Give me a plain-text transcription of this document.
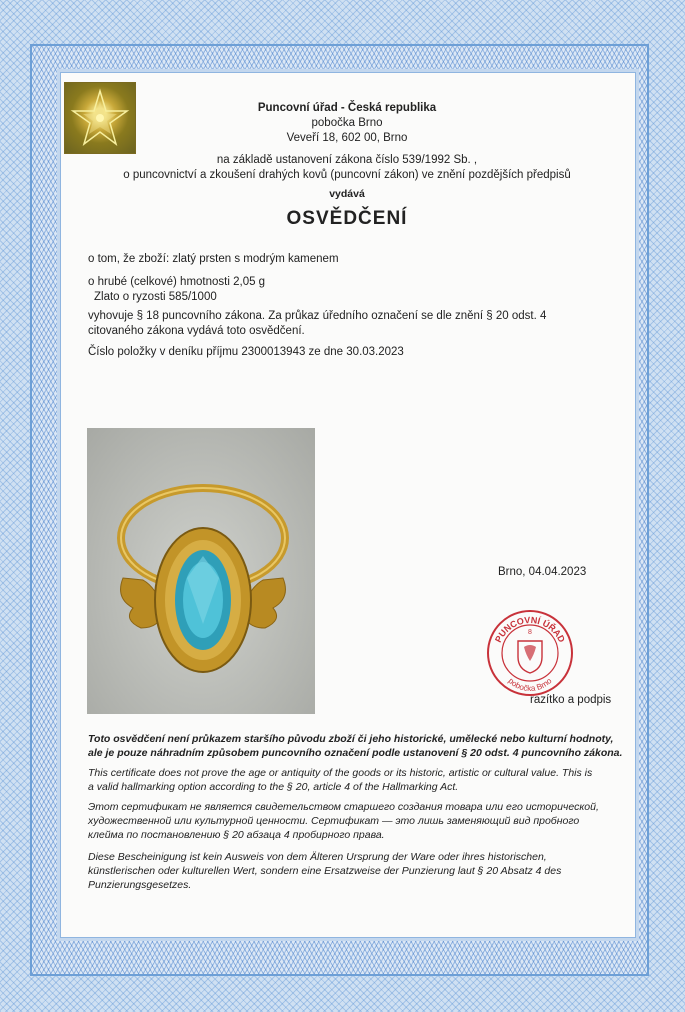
Puncovní úřad - Česká republika
pobočka Brno
Veveří 18, 602 00, Brno
na základě ustanovení zákona číslo 539/1992 Sb. ,
o puncovnictví a zkoušení drahých kovů (puncovní zákon) ve znění pozdějších předpisů
vydává
OSVĚDČENÍ
o tom, že zboží: zlatý prsten s modrým kamenem
o hrubé (celkové) hmotnosti 2,05 g
Zlato o ryzosti 585/1000
vyhovuje § 18 puncovního zákona. Za průkaz úředního označení se dle znění § 20 odst. 4
citovaného zákona vydává toto osvědčení.
Číslo položky v deníku příjmu 2300013943 ze dne 30.03.2023
Brno, 04.04.2023
PUNCOVNÍ ÚŘAD
pobočka Brno
8
razítko a podpis
Toto osvědčení není průkazem staršího původu zboží či jeho historické, umělecké nebo kulturní hodnoty,
ale je pouze náhradním způsobem puncovního označení podle ustanovení § 20 odst. 4 puncovního zákona.
This certificate does not prove the age or antiquity of the goods or its historic, artistic or cultural value. This is
a valid hallmarking option according to the § 20, article 4 of the Hallmarking Act.
Этот сертификат не является свидетельством старшего создания товара или его исторической,
художественной или культурной ценности. Сертификат — это лишь заменяющий вид пробного
клейма по постановлению § 20 абзаца 4 пробирного права.
Diese Bescheinigung ist kein Ausweis von dem Älteren Ursprung der Ware oder ihres historischen,
künstlerischen oder kulturellen Wert, sondern eine Ersatzweise der Punzierung laut § 20 Absatz 4 des
Punzierungsgesetzes.
